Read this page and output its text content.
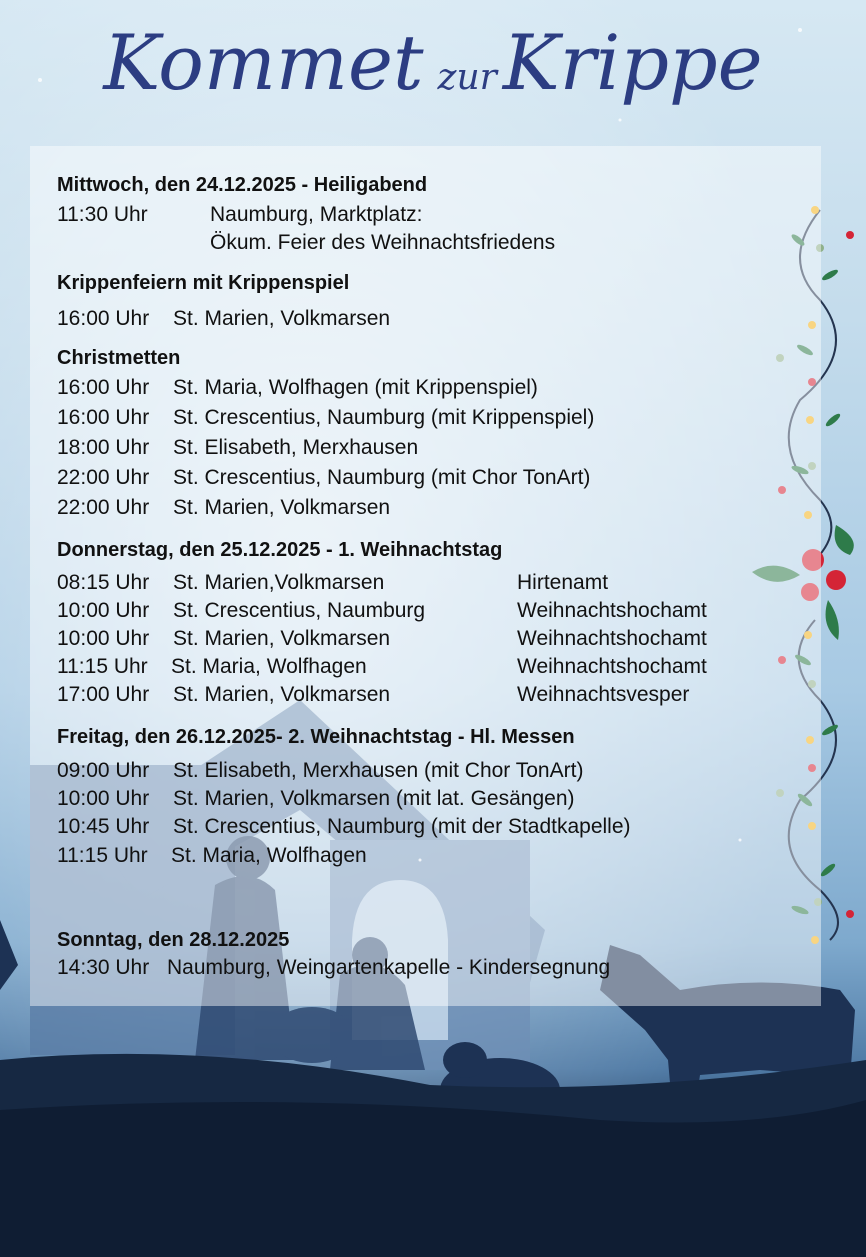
Kommet zurKrippe
Mittwoch, den 24.12.2025 - Heiligabend
11:30 Uhr	Naumburg, Marktplatz:
Ökum. Feier des Weihnachtsfriedens
Krippenfeiern mit Krippenspiel
16:00 Uhr St. Marien, Volkmarsen
Christmetten
16:00 Uhr St. Maria, Wolfhagen (mit Krippenspiel)
16:00 Uhr St. Crescentius, Naumburg (mit Krippenspiel)
18:00 Uhr St. Elisabeth, Merxhausen
22:00 Uhr St. Crescentius, Naumburg (mit Chor TonArt)
22:00 Uhr St. Marien, Volkmarsen
Donnerstag, den 25.12.2025 - 1. Weihnachtstag
08:15 Uhr St. Marien,Volkmarsen	Hirtenamt
10:00 Uhr St. Crescentius, Naumburg	Weihnachtshochamt
10:00 Uhr St. Marien, Volkmarsen	Weihnachtshochamt
11:15 Uhr St. Maria, Wolfhagen	Weihnachtshochamt
17:00 Uhr St. Marien, Volkmarsen	Weihnachtsvesper
Freitag, den 26.12.2025- 2. Weihnachtstag - Hl. Messen
09:00 Uhr St. Elisabeth, Merxhausen (mit Chor TonArt)
10:00 Uhr St. Marien, Volkmarsen (mit lat. Gesängen)
10:45 Uhr St. Crescentius, Naumburg (mit der Stadtkapelle)
11:15 Uhr St. Maria, Wolfhagen
Sonntag, den 28.12.2025
14:30 Uhr Naumburg, Weingartenkapelle - Kindersegnung
